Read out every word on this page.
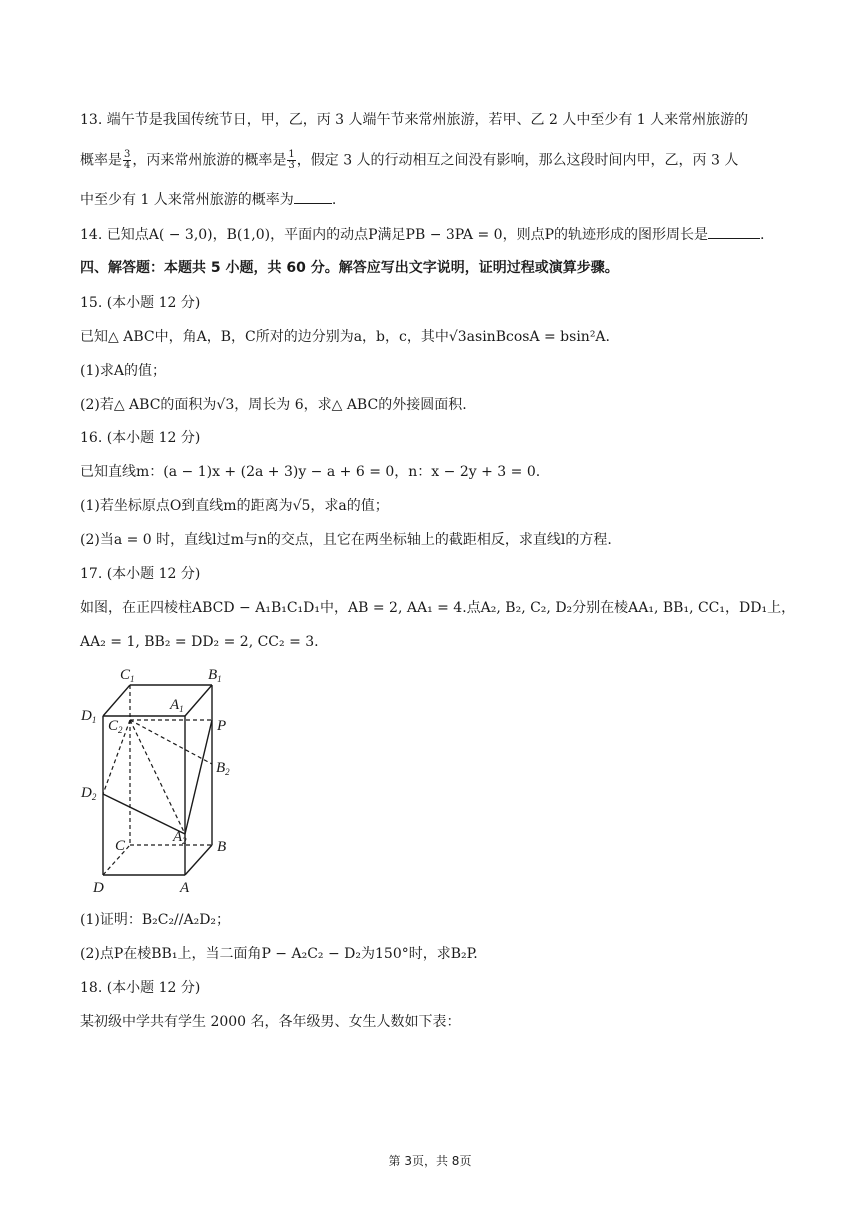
13. 端午节是我国传统节日，甲，乙，丙 3 人端午节来常州旅游，若甲、乙 2 人中至少有 1 人来常州旅游的
概率是 $\frac{3}{4}$ ，丙来常州旅游的概率是 $\frac{1}{3}$ ，假定 3 人的行动相互之间没有影响，那么这段时间内甲，乙，丙 3 人
中至少有 1 人来常州旅游的概率为	.
14. 已知点A( − 3,0)，B(1,0)，平面内的动点P满足PB − 3PA = 0，则点P的轨迹形成的图形周长是	.
四、解答题：本题共 5 小题，共 60 分。解答应写出文字说明，证明过程或演算步骤。
15. (本小题 12 分)
已知△ ABC中，角A，B，C所对的边分别为a，b，c，其中√3asinBcosA = bsin²A.
(1)求A的值；
(2)若△ ABC的面积为√3，周长为 6，求△ ABC的外接圆面积.
16. (本小题 12 分)
已知直线m：(a − 1)x + (2a + 3)y − a + 6 = 0，n：x − 2y + 3 = 0.
(1)若坐标原点O到直线m的距离为√5，求a的值；
(2)当a = 0 时，直线l过m与n的交点，且它在两坐标轴上的截距相反，求直线l的方程.
17. (本小题 12 分)
如图，在正四棱柱ABCD − A₁B₁C₁D₁中，AB = 2, AA₁ = 4.点A₂, B₂, C₂, D₂分别在棱AA₁, BB₁, CC₁，DD₁上，
AA₂ = 1, BB₂ = DD₂ = 2, CC₂ = 3.
$C_1$	$B_1$
$A_1$
$D_1$ $C_2$	P
$B_2$
$D_2$
$A_2$
C	B
D	A
(1)证明：B₂C₂//A₂D₂；
(2)点P在棱BB₁上，当二面角P − A₂C₂ − D₂为150°时，求B₂P.
18. (本小题 12 分)
某初级中学共有学生 2000 名，各年级男、女生人数如下表：
第 3页，共 8页
